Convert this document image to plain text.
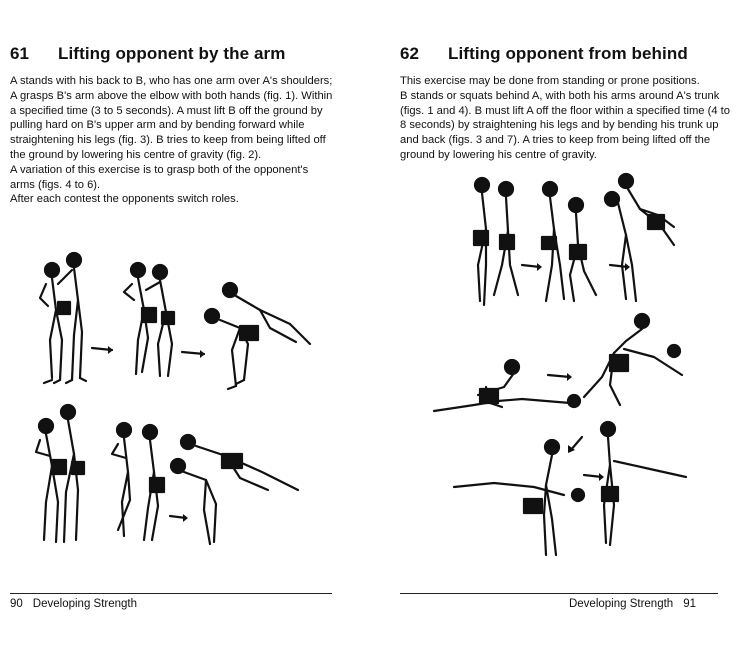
61 Lifting opponent by the arm

A stands with his back to B, who has one arm over A's shoulders; A grasps B's arm above the elbow with both hands (fig. 1). Within a specified time (3 to 5 seconds). A must lift B off the ground by pulling hard on B's upper arm and by bending forward while straightening his legs (fig. 3). B tries to keep from being lifted off the ground by lowering his centre of gravity (fig. 2).

A variation of this exercise is to grasp both of the opponent's arms (figs. 4 to 6).

After each contest the opponents switch roles.

90 Developing Strength
62 Lifting opponent from behind

This exercise may be done from standing or prone positions.

B stands or squats behind A, with both his arms around A's trunk (figs. 1 and 4). B must lift A off the floor within a specified time (4 to 8 seconds) by straightening his legs and by bending his trunk up and back (figs. 3 and 7). A tries to keep from being lifted off the ground by lowering his centre of gravity.

Developing Strength 91
